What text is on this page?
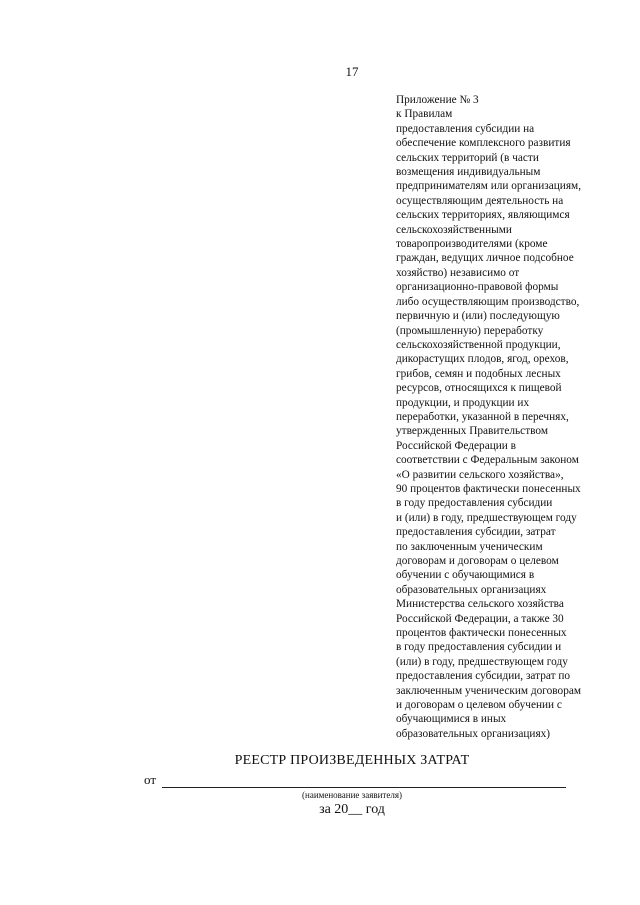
17
Приложение № 3
к Правилам
предоставления субсидии на
обеспечение комплексного развития
сельских территорий (в части
возмещения индивидуальным
предпринимателям или организациям,
осуществляющим деятельность на
сельских территориях, являющимся
сельскохозяйственными
товаропроизводителями (кроме
граждан, ведущих личное подсобное
хозяйство) независимо от
организационно-правовой формы
либо осуществляющим производство,
первичную и (или) последующую
(промышленную) переработку
сельскохозяйственной продукции,
дикорастущих плодов, ягод, орехов,
грибов, семян и подобных лесных
ресурсов, относящихся к пищевой
продукции, и продукции их
переработки, указанной в перечнях,
утвержденных Правительством
Российской Федерации в
соответствии с Федеральным законом
«О развитии сельского хозяйства»,
90 процентов фактически понесенных
в году предоставления субсидии
и (или) в году, предшествующем году
предоставления субсидии, затрат
по заключенным ученическим
договорам и договорам о целевом
обучении с обучающимися в
образовательных организациях
Министерства сельского хозяйства
Российской Федерации, а также 30
процентов фактически понесенных
в году предоставления субсидии и
(или) в году, предшествующем году
предоставления субсидии, затрат по
заключенным ученическим договорам
и договорам о целевом обучении с
обучающимися в иных
образовательных организациях)
РЕЕСТР ПРОИЗВЕДЕННЫХ ЗАТРАТ
от
(наименование заявителя)
за 20__ год
